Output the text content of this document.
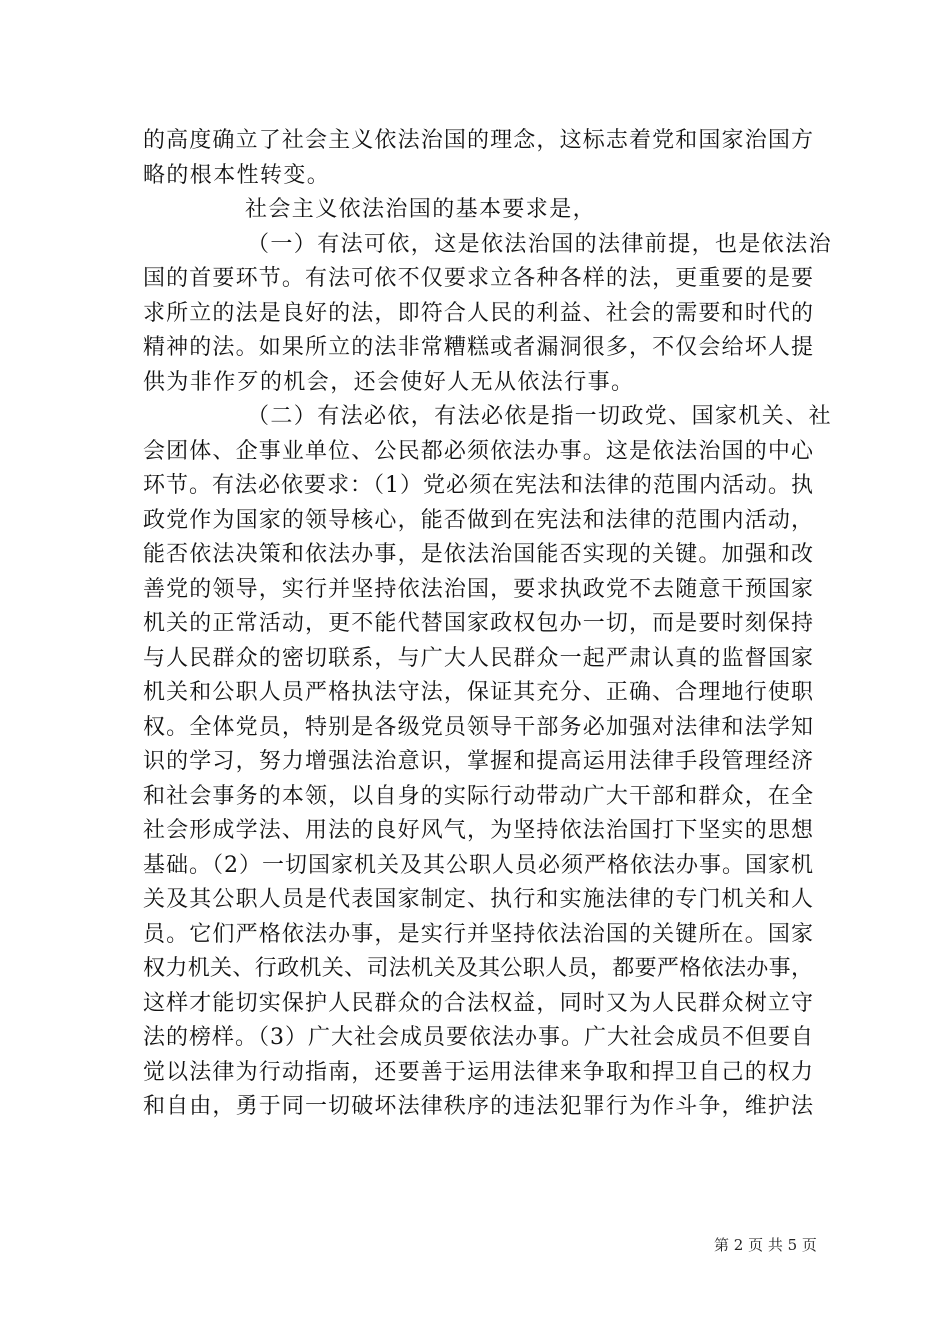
的高度确立了社会主义依法治国的理念，这标志着党和国家治国方
略的根本性转变。
社会主义依法治国的基本要求是，
（一）有法可依，这是依法治国的法律前提，也是依法治
国的首要环节。有法可依不仅要求立各种各样的法，更重要的是要
求所立的法是良好的法，即符合人民的利益、社会的需要和时代的
精神的法。如果所立的法非常糟糕或者漏洞很多，不仅会给坏人提
供为非作歹的机会，还会使好人无从依法行事。
（二）有法必依，有法必依是指一切政党、国家机关、社
会团体、企事业单位、公民都必须依法办事。这是依法治国的中心
环节。有法必依要求：（1）党必须在宪法和法律的范围内活动。执
政党作为国家的领导核心，能否做到在宪法和法律的范围内活动，
能否依法决策和依法办事，是依法治国能否实现的关键。加强和改
善党的领导，实行并坚持依法治国，要求执政党不去随意干预国家
机关的正常活动，更不能代替国家政权包办一切，而是要时刻保持
与人民群众的密切联系，与广大人民群众一起严肃认真的监督国家
机关和公职人员严格执法守法，保证其充分、正确、合理地行使职
权。全体党员，特别是各级党员领导干部务必加强对法律和法学知
识的学习，努力增强法治意识，掌握和提高运用法律手段管理经济
和社会事务的本领，以自身的实际行动带动广大干部和群众，在全
社会形成学法、用法的良好风气，为坚持依法治国打下坚实的思想
基础。（2）一切国家机关及其公职人员必须严格依法办事。国家机
关及其公职人员是代表国家制定、执行和实施法律的专门机关和人
员。它们严格依法办事，是实行并坚持依法治国的关键所在。国家
权力机关、行政机关、司法机关及其公职人员，都要严格依法办事，
这样才能切实保护人民群众的合法权益，同时又为人民群众树立守
法的榜样。（3）广大社会成员要依法办事。广大社会成员不但要自
觉以法律为行动指南，还要善于运用法律来争取和捍卫自己的权力
和自由，勇于同一切破坏法律秩序的违法犯罪行为作斗争，维护法
第 2 页 共 5 页
